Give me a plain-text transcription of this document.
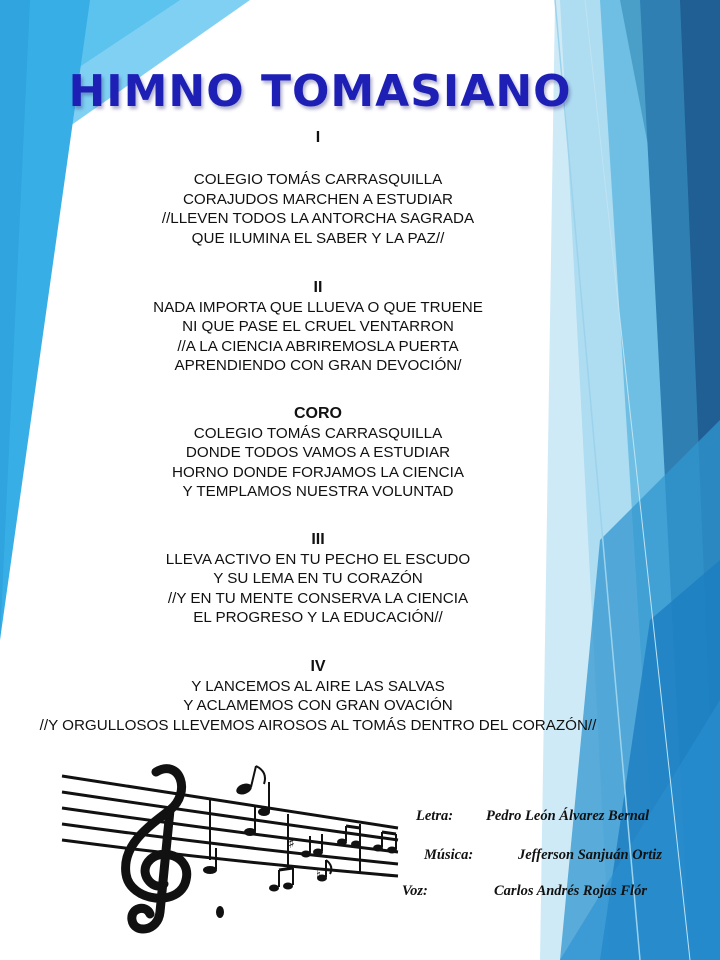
HIMNO TOMASIANO
I
COLEGIO TOMÁS CARRASQUILLA
CORAJUDOS MARCHEN A ESTUDIAR
//LLEVEN TODOS LA ANTORCHA SAGRADA
QUE ILUMINA EL SABER Y LA PAZ//
II
NADA IMPORTA QUE LLUEVA O QUE TRUENE
NI QUE PASE EL CRUEL VENTARRON
//A LA CIENCIA ABRIREMOSLA PUERTA
APRENDIENDO CON GRAN DEVOCIÓN/
CORO
COLEGIO TOMÁS CARRASQUILLA
DONDE TODOS VAMOS A ESTUDIAR
HORNO DONDE FORJAMOS LA CIENCIA
Y TEMPLAMOS NUESTRA VOLUNTAD
III
LLEVA ACTIVO EN TU PECHO EL ESCUDO
Y SU LEMA EN TU CORAZÓN
//Y EN TU MENTE CONSERVA LA CIENCIA
EL PROGRESO Y LA EDUCACIÓN//
IV
Y LANCEMOS AL AIRE LAS SALVAS
Y ACLAMEMOS CON GRAN OVACIÓN
//Y ORGULLOSOS LLEVEMOS AIROSOS AL TOMÁS DENTRO DEL CORAZÓN//
♯
♮
Letra: Pedro León Álvarez Bernal
Música:	Jefferson Sanjuán Ortiz
Voz:	Carlos Andrés Rojas Flór
